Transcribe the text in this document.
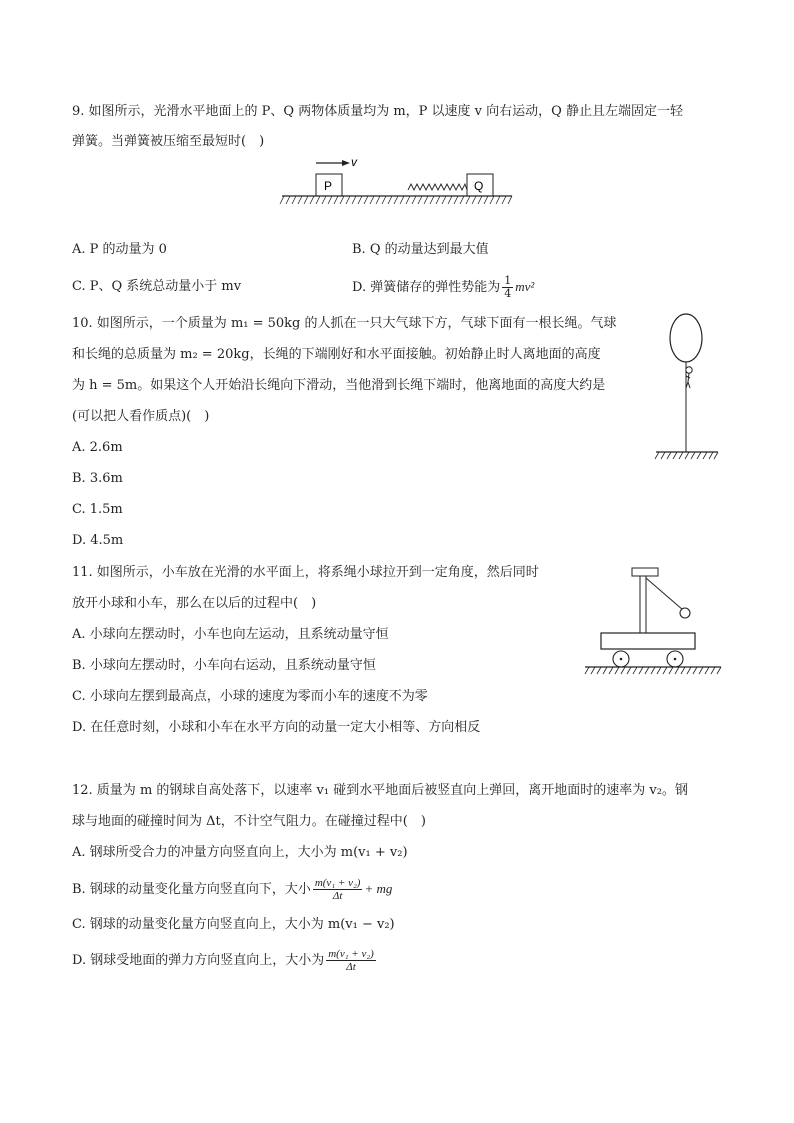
9. 如图所示，光滑水平地面上的 P、Q 两物体质量均为 m，P 以速度 v 向右运动，Q 静止且左端固定一轻
弹簧。当弹簧被压缩至最短时(　)
v
P	Q
A. P 的动量为 0	B. Q 的动量达到最大值
C. P、Q 系统总动量小于 mv	D. 弹簧储存的弹性势能为 $\frac{1}{4} mv^2$
10. 如图所示，一个质量为 m₁ = 50kg 的人抓在一只大气球下方，气球下面有一根长绳。气球
和长绳的总质量为 m₂ = 20kg，长绳的下端刚好和水平面接触。初始静止时人离地面的高度
为 h = 5m。如果这个人开始沿长绳向下滑动，当他滑到长绳下端时，他离地面的高度大约是
(可以把人看作质点)(　)
A. 2.6m
B. 3.6m
C. 1.5m
D. 4.5m
11. 如图所示，小车放在光滑的水平面上，将系绳小球拉开到一定角度，然后同时
放开小球和小车，那么在以后的过程中(　)
A. 小球向左摆动时，小车也向左运动，且系统动量守恒
B. 小球向左摆动时，小车向右运动，且系统动量守恒
C. 小球向左摆到最高点，小球的速度为零而小车的速度不为零
D. 在任意时刻，小球和小车在水平方向的动量一定大小相等、方向相反
12. 质量为 m 的钢球自高处落下，以速率 v₁ 碰到水平地面后被竖直向上弹回，离开地面时的速率为 v₂。钢
球与地面的碰撞时间为 Δt，不计空气阻力。在碰撞过程中(　)
A. 钢球所受合力的冲量方向竖直向上，大小为 m(v₁ + v₂)
B. 钢球的动量变化量方向竖直向下，大小 $\frac{\text{m(v₁ + v₂)}}{\Delta t}$ + mg
C. 钢球的动量变化量方向竖直向上，大小为 m(v₁ − v₂)
D. 钢球受地面的弹力方向竖直向上，大小为 $\frac{\text{m(v₁ + v₂)}}{\Delta t}$
